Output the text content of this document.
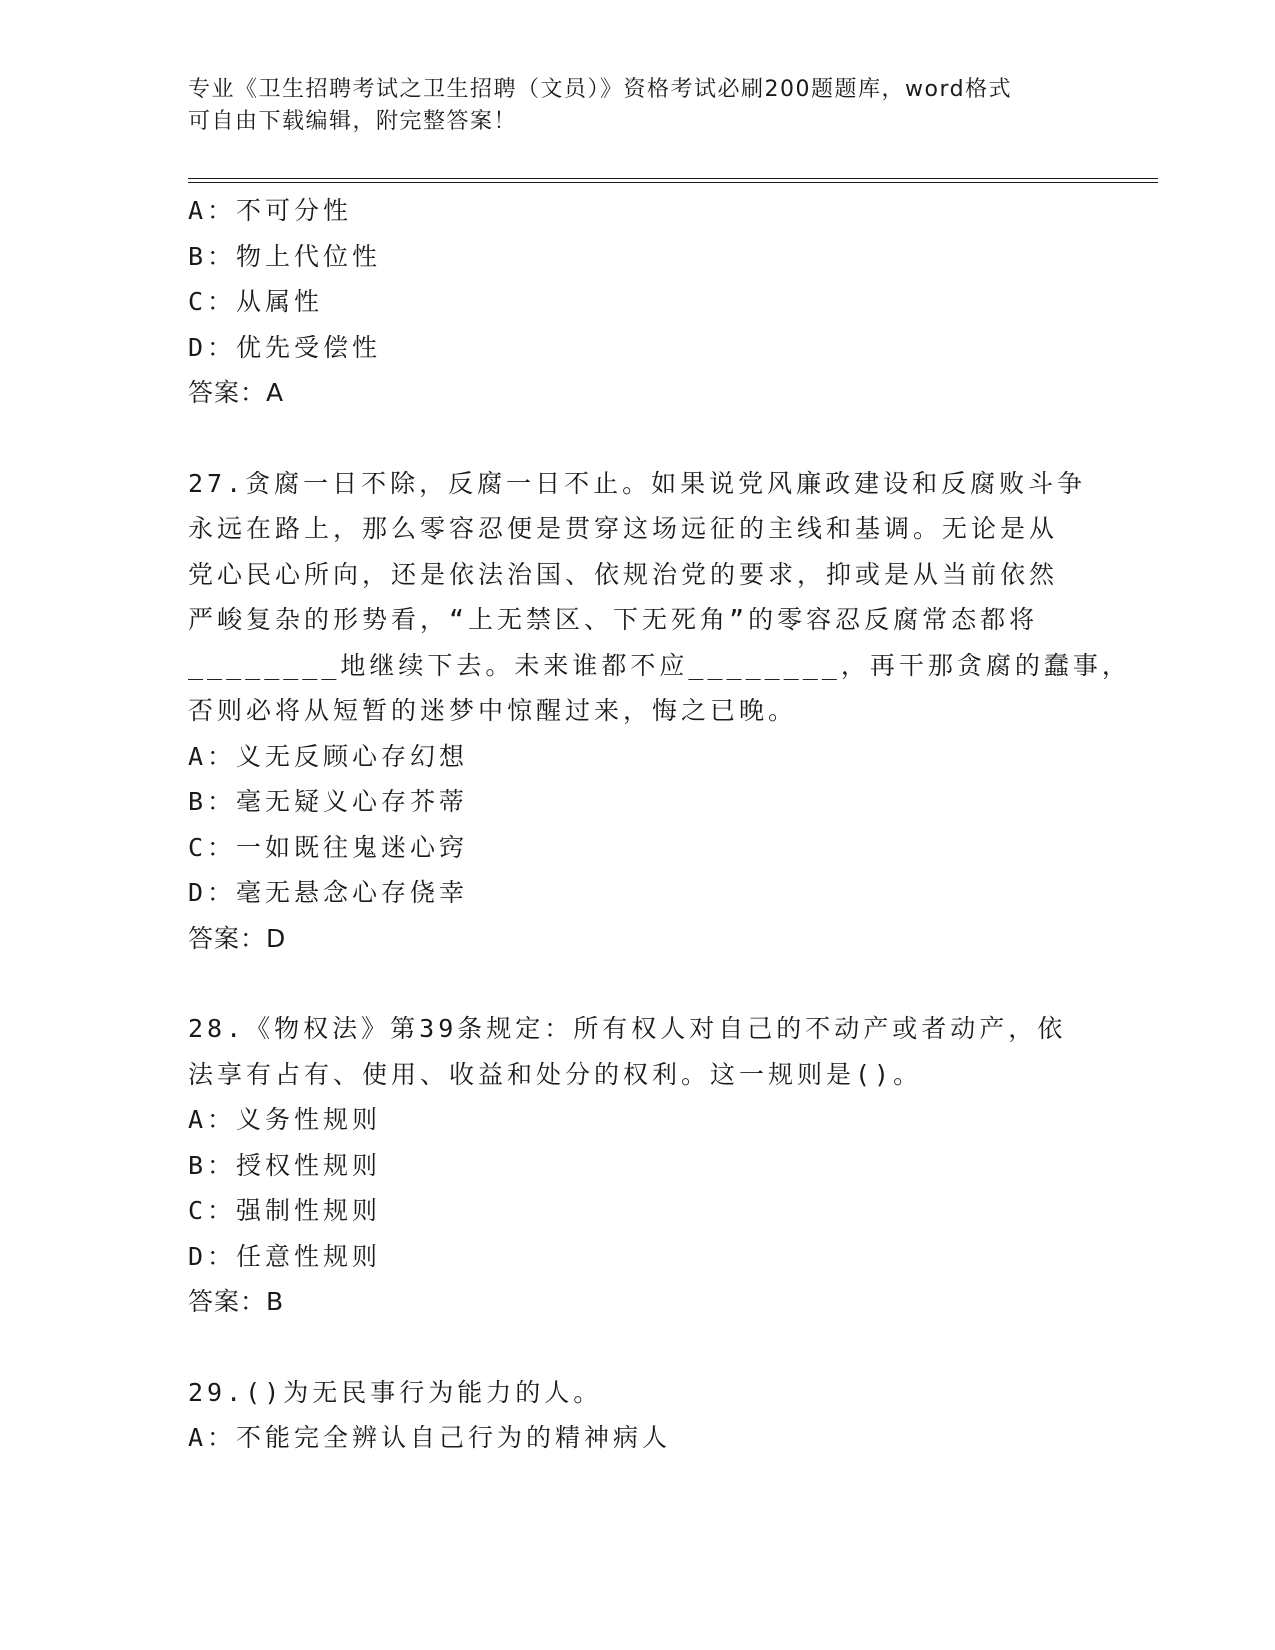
专业《卫生招聘考试之卫生招聘（文员）》资格考试必刷200题题库，word格式
可自由下载编辑，附完整答案！
A：不可分性
B：物上代位性
C：从属性
D：优先受偿性
答案：A
27.贪腐一日不除，反腐一日不止。如果说党风廉政建设和反腐败斗争
永远在路上，那么零容忍便是贯穿这场远征的主线和基调。无论是从
党心民心所向，还是依法治国、依规治党的要求，抑或是从当前依然
严峻复杂的形势看，“上无禁区、下无死角”的零容忍反腐常态都将
________地继续下去。未来谁都不应________，再干那贪腐的蠢事，
否则必将从短暂的迷梦中惊醒过来，悔之已晚。
A：义无反顾心存幻想
B：毫无疑义心存芥蒂
C：一如既往鬼迷心窍
D：毫无悬念心存侥幸
答案：D
28.《物权法》第39条规定：所有权人对自己的不动产或者动产，依
法享有占有、使用、收益和处分的权利。这一规则是()。
A：义务性规则
B：授权性规则
C：强制性规则
D：任意性规则
答案：B
29.()为无民事行为能力的人。
A：不能完全辨认自己行为的精神病人
